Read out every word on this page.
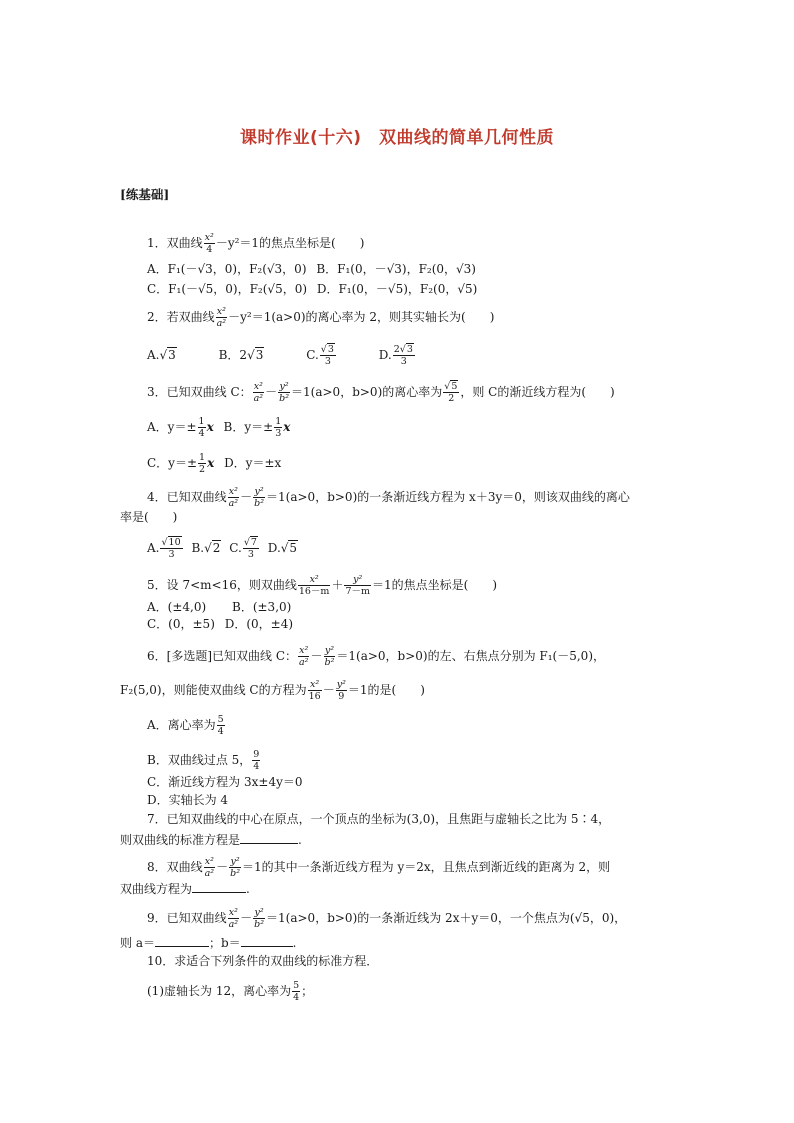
课时作业(十六)　双曲线的简单几何性质
[练基础]
1．双曲线 $\frac{\text{x²}}{4} -y^2=1$的焦点坐标是(　　)
A．F₁(－√3，0)，F₂(√3，0) B．F₁(0，－√3)，F₂(0，√3)
C．F₁(－√5，0)，F₂(√5，0) D．F₁(0，－√5)，F₂(0，√5)
2．若双曲线 $\frac{\text{x²}}{\text{a²}} -y^2=1(a>0)$的离心率为 2，则其实轴长为(　　)
A.√3	B．2√3	C. $\frac{√3}{3}$	D. $\frac{2√3}{3}$
3．已知双曲线 C： $\frac{\text{x²}}{\text{a²}} - \frac{\text{y²}}{\text{b²}} =1(a>0$，b>0)的离心率为 $\frac{√5}{2}$ ，则 C的渐近线方程为(　　)
A．$y=\pm \frac{1}{4}$ x B．$y=\pm \frac{1}{3}$ x
C．$y=\pm \frac{1}{2}$ x D．y＝±x
4．已知双曲线 $\frac{\text{x²}}{\text{a²}} - \frac{\text{y²}}{\text{b²}} =1(a>0$，b>0)的一条渐近线方程为 x＋3y＝0，则该双曲线的离心
率是(　　)
A. $\frac{√10}{3} B.√2$ C. $\frac{√7}{3} D.√5$
5．设 7<m<16，则双曲线 $\frac{\text{x²}}{16-m} + \frac{\text{y²}}{7-m} =1$的焦点坐标是(　　)
A．(±4,0) B．(±3,0)
C．(0，±5) D．(0，±4)
6．[多选题]已知双曲线 C： $\frac{\text{x²}}{\text{a²}} - \frac{\text{y²}}{\text{b²}} =1(a>0$，b>0)的左、右焦点分别为 F₁(－5,0)，
F₂(5,0)，则能使双曲线 C的方程为 $\frac{\text{x²}}{16} - \frac{\text{y²}}{9} =1$的是(　　)
A．离心率为 $\frac{5}{4}$
B．双曲线过点 5， $\frac{9}{4}$
C．渐近线方程为 3x±4y＝0
D．实轴长为 4
7．已知双曲线的中心在原点，一个顶点的坐标为(3,0)，且焦距与虚轴长之比为 5∶4，
则双曲线的标准方程是	.
8．双曲线 $\frac{\text{x²}}{\text{a²}} - \frac{\text{y²}}{\text{b²}} =1$的其中一条渐近线方程为 y＝2x，且焦点到渐近线的距离为 2，则
双曲线方程为	.
9．已知双曲线 $\frac{\text{x²}}{\text{a²}} - \frac{\text{y²}}{\text{b²}} =1(a>0$，b>0)的一条渐近线为 2x＋y＝0，一个焦点为(√5，0)，
则 a＝	；b＝	.
10．求适合下列条件的双曲线的标准方程．
(1)虚轴长为 12，离心率为 $\frac{5}{4}$ ；
